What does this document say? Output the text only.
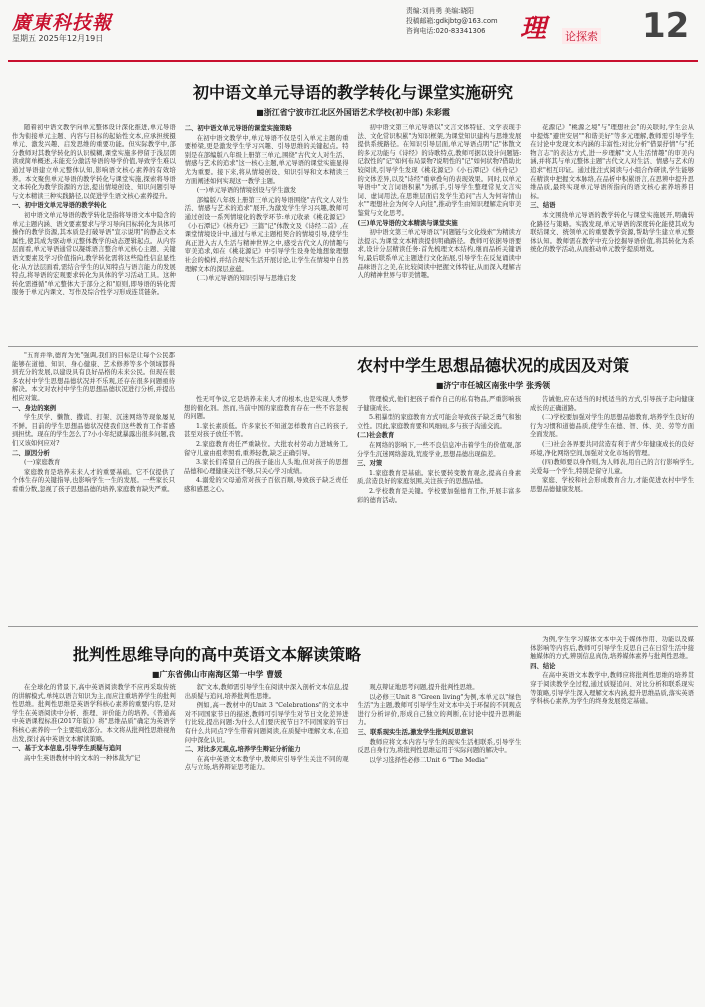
廣東科技報
星期五 2025年12月19日
责编:刘肖勇 美编:晓阳
投稿邮箱:gdkjbtg@163.com
咨询电话:020-83341306	理 论探索 12
初中语文单元导语的教学转化与课堂实施研究
■浙江省宁波市江北区外国语艺术学校(初中部) 朱彩霞

随着初中语文教学向单元整体设计深化推进,单元导语作为衔接单元主题、内容与目标的起始性文本,应承担统摄单元、激发兴趣、启发思维的重要功能。但实际教学中,部分教师对其教学转化的认识模糊,课堂实施多停留于浅层朗读或简单概述,未能充分激活导语的导学价值,导致学生难以通过导语建立单元整体认知,影响语文核心素养的有效培养。本文聚焦单元导语的教学转化与课堂实施,探索将导语文本转化为教学资源的方法,提出情境创设、知识问题引导与文本精读三种实践路径,以促进学生语文核心素养提升。

一、初中语文单元导语的教学转化

初中语文单元导语的教学转化是指将导语文本中隐含的单元主题内涵、语文要素要求与学习导向目标转化为具体可操作的教学资源,其本质是打破导语"宣示说明"的静态文本属性,使其成为驱动单元整体教学的动态逻辑起点。从内容层面看,单元导语通常以凝练语言整合单元核心主题、关键语文要素及学习价值指向,教学转化需将这些隐性信息显性化:从方法层面看,需结合学生的认知特点与语言能力的发展特点,将导语的宏观要求转化为具体的学习活动工具。这种转化需遵循"单元整体大于部分之和"原则,即导语的转化需服务于单元内课文、写作及综合性学习形成连贯链条。

二、初中语文单元导语的课堂实施策略

在初中语文教学中,单元导语不仅是引入单元主题的重要桥梁,更是激发学生学习兴趣、引导思维的关键起点。特别是在部编版八年级上册第三单元,围绕"古代文人对生活、情感与艺术的追求"这一核心主题,单元导语的课堂实施显得尤为重要。接下来,将从情境创设、知识引导和文本精读三方面阐述如何实现这一教学主题。

(一)单元导语的情境创设与学生激发

部编版八年级上册第三单元的导语围绕"古代文人对生活、情感与艺术的追求"展开,为激发学生学习兴趣,教师可通过创设一系列情境化的教学环节:单元收录《桃花源记》《小石潭记》《核舟记》三篇"记"体散文及《诗经二首》,在课堂情境设计中,通过与单元主题相契合的情境引导,使学生真正进入古人生活与精神世界之中,感受古代文人的情趣与审美追求,如在《桃花源记》中引导学生设身处地想象理想社会的模样,并结合现实生活开展讨论,让学生在情境中自然理解文本的深层意蕴。

(二)单元导语的知识引导与思维启发

初中语文第三单元导语以"文言文体特征、文学表现手法、文化常识积累"为知识框架,为课堂知识建构与思维发展提供系统路径。在知识引导层面,单元导语点明"记"体散文的多元功能与《诗经》的诗歌特点,教师可据以设计问题链:记叙性的"记"如何布局景物?说明性的"记"如何状物?借助比较阅读,引导学生发现《桃花源记》《小石潭记》《核舟记》的文体差异,以及"诗经"重章叠句的表现效果。同时,以单元导语中"文言词语积累"为抓手,引导学生整理常见文言实词、虚词用法,在思维层面启发学生追问"古人为何寄情山水""理想社会为何令人向往",推动学生由知识理解走向审美鉴赏与文化思考。

(三)单元导语的文本精读与课堂实施

初中语文第三单元导语以"问题链与文化线索"为精读方法提示,为课堂文本精读提供明确路径。教师可依据导语要求,设计分层精读任务:首先梳理文本结构,继而品析关键语句,最后联系单元主题进行文化拓展,引导学生在反复诵读中品味语言之美,在比较阅读中把握文体特征,从而深入理解古人的精神世界与审美情趣。

花源记》"桃源之境"与"理想社会"的关联时,学生会从中提炼"避世安居""和谐美好"等多元理解,教师需引导学生在讨论中发现文本内涵的丰富性;对比分析"借景抒情"与"托物言志"的表达方式,进一步理解"文人生活情趣"的审美内涵,并将其与单元整体主题"古代文人对生活、情感与艺术的追求"相互印证。通过批注式阅读与小组合作研读,学生能够在精读中把握文本脉络,在品析中积累语言,在思辨中提升思维品质,最终实现单元导语所指向的语文核心素养培养目标。

三、结语

本文围绕单元导语的教学转化与课堂实施展开,明确转化路径与策略。实践发现,单元导语的深度转化能使其成为联结课文、统领单元的重要教学资源,帮助学生建立单元整体认知。教师需在教学中充分挖掘导语价值,将其转化为系统化的教学活动,从而推动单元教学提质增效。

农村中学生思想品德状况的成因及对策
■济宁市任城区南张中学 张秀领

"五育并举,德育为先"强调,我们的目标是让每个公民都能够在道德、知识、身心健康、艺术修养等多个领域都得到充分的发展,以建设具有良好品格的未来公民。但现在很多农村中学生思想品德状况并不乐观,还存在很多问题亟待解决。本文对农村中学生的思想品德状况进行分析,并提出相应对策。

一、身边的案例

学生厌学、懒散、撒谎、打架、沉迷网络等现象屡见不鲜。目前的学生思想品德状况使我们这些教育工作者感到担忧。现在的学生怎么了?小小年纪就暴露出很多问题,我们又该如何应对?

二、原因分析

(一)家庭教育

家庭教育是培养未来人才的重要基础。它不仅提供了个体生存的关键指导,也影响学生一生的发展。一些家长只看重分数,忽视了孩子思想品德的培养,家庭教育缺失严重。

性无可争议,它是培养未来人才的根本,也是实现人类梦想的催化剂。然而,当前中国的家庭教育存在一些不容忽视的问题。

1.家长素质低。许多家长不知道怎样教育自己的孩子,甚至对孩子放任不管。

2.家庭教育责任严重缺位。大批农村劳动力进城务工,留守儿童由祖辈照看,重养轻教,缺乏正确引导。

3.家长们希望自己的孩子能出人头地,但对孩子的思想品德和心理健康关注不够,只关心学习成绩。

4.溺爱的父母通常对孩子百依百顺,导致孩子缺乏责任感和感恩之心。

管理模式,他们把孩子看作自己的私有物品,严重影响孩子健康成长。

5.粗暴型的家庭教育方式可能会导致孩子缺乏勇气和独立性。因此,家庭教育要和风细雨,多与孩子沟通交流。

(二)社会教育

在网络的影响下,一些不良信息冲击着学生的价值观,部分学生沉迷网络游戏,荒废学业,思想品德出现偏差。

三、对策

1.家庭教育是基础。家长要转变教育观念,提高自身素质,营造良好的家庭氛围,关注孩子的思想品德。

2.学校教育是关键。学校要加强德育工作,开展丰富多彩的德育活动。

告诫他,应在适当的时机适当的方式,引导孩子走向健康成长的正确道路。

(二)学校要加强对学生的思想品德教育,培养学生良好的行为习惯和道德品质,使学生在德、智、体、美、劳等方面全面发展。

(三)社会各界要共同营造有利于青少年健康成长的良好环境,净化网络空间,加强对文化市场的管理。

(四)教师要以身作则,为人师表,用自己的言行影响学生,关爱每一个学生,特别是留守儿童。

家庭、学校和社会形成教育合力,才能促进农村中学生思想品德健康发展。

批判性思维导向的高中英语文本解读策略
■广东省佛山市南海区第一中学 曹媛

在全球化的背景下,高中英语阅读教学不应再采取传统的讲解模式,单纯以语言知识为主,而应注重培养学生的批判性思维。批判性思维是英语学科核心素养的重要内容,是对学生在英语阅读中分析、推理、评价能力的培养。《普通高中英语课程标准(2017年版)》将"思维品质"确定为英语学科核心素养的一个主要组成部分。本文将从批判性思维视角出发,探讨高中英语文本解读策略。

一、基于文本信息,引导学生质疑与追问

高中生英语教材中的文本的一种体裁为"记

叙"文本,教师需引导学生在阅读中深入剖析文本信息,提出质疑与追问,培养批判性思维。

例如,高一教材中的Unit 3 "Celebrations"的文本中对不同国家节日的描述,教师可引导学生对节日文化差异进行比较,提出问题:为什么人们要庆祝节日?不同国家的节日有什么共同点?学生带着问题阅读,在质疑中理解文本,在追问中深化认识。

二、对比多元观点,培养学生辩证分析能力

在高中英语文本教学中,教师应引导学生关注不同的观点与立场,培养辩证思考能力。

观点辩证地思考问题,提升批判性思维。

以必修三Unit 8 "Green living"为例,本单元以"绿色生活"为主题,教师可引导学生对文本中关于环保的不同观点进行分析评价,形成自己独立的判断,在讨论中提升思辨能力。

三、联系现实生活,激发学生批判反思意识

教师应将文本内容与学生的现实生活相联系,引导学生反思自身行为,将批判性思维运用于实际问题的解决中。

以学习选择性必修二Unit 6 "The Media"

为例,学生学习媒体文本中关于媒体作用、功能以及媒体影响等内容后,教师可引导学生反思自己在日常生活中接触媒体的方式,辨别信息真伪,培养媒体素养与批判性思维。

四、结论

在高中英语文本教学中,教师应将批判性思维的培养贯穿于阅读教学全过程,通过质疑追问、对比分析和联系现实等策略,引导学生深入理解文本内涵,提升思维品质,落实英语学科核心素养,为学生的终身发展奠定基础。
